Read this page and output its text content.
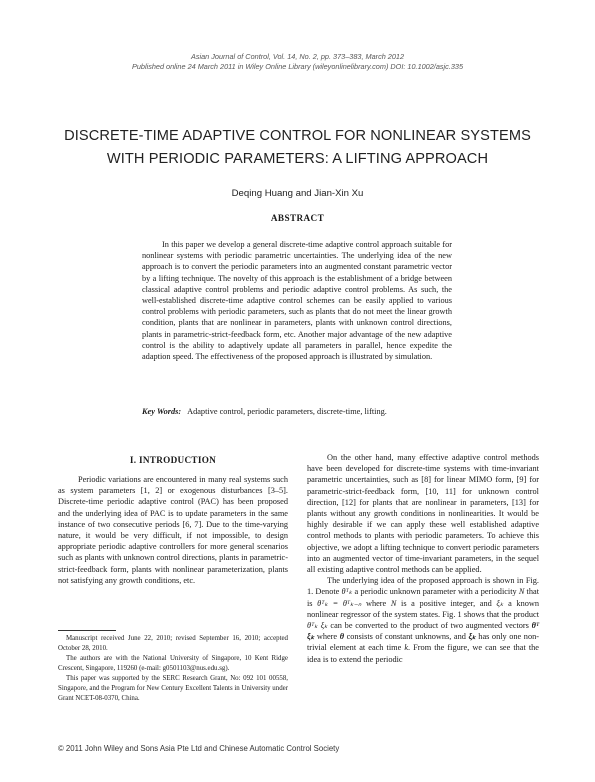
Asian Journal of Control, Vol. 14, No. 2, pp. 373–383, March 2012
Published online 24 March 2011 in Wiley Online Library (wileyonlinelibrary.com) DOI: 10.1002/asjc.335
DISCRETE-TIME ADAPTIVE CONTROL FOR NONLINEAR SYSTEMS
WITH PERIODIC PARAMETERS: A LIFTING APPROACH
Deqing Huang and Jian-Xin Xu
ABSTRACT
In this paper we develop a general discrete-time adaptive control approach suitable for nonlinear systems with periodic parametric uncertainties. The underlying idea of the new approach is to convert the periodic parameters into an augmented constant parametric vector by a lifting technique. The novelty of this approach is the establishment of a bridge between classical adaptive control problems and periodic adaptive control problems. As such, the well-established discrete-time adaptive control schemes can be easily applied to various control problems with periodic parameters, such as plants that do not meet the linear growth condition, plants that are nonlinear in parameters, plants with unknown control directions, plants in parametric-strict-feedback form, etc. Another major advantage of the new adaptive control is the ability to adaptively update all parameters in parallel, hence expedite the adaption speed. The effectiveness of the proposed approach is illustrated by simulation.
Key Words: Adaptive control, periodic parameters, discrete-time, lifting.
I. INTRODUCTION

Periodic variations are encountered in many real systems such as system parameters [1, 2] or exogenous disturbances [3–5]. Discrete-time periodic adaptive control (PAC) has been proposed and the underlying idea of PAC is to update parameters in the same instance of two consecutive periods [6, 7]. Due to the time-varying nature, it would be very difficult, if not impossible, to design appropriate periodic adaptive controllers for more general scenarios such as plants with unknown control directions, plants in parametric-strict-feedback form, plants with nonlinear parameterization, plants not satisfying any growth conditions, etc.

On the other hand, many effective adaptive control methods have been developed for discrete-time systems with time-invariant parametric uncertainties, such as [8] for linear MIMO form, [9] for parametric-strict-feedback form, [10, 11] for unknown control direction, [12] for plants that are nonlinear in parameters, [13] for plants without any growth conditions in nonlinearities. It would be highly desirable if we can apply these well established adaptive control methods to plants with periodic parameters. To achieve this objective, we adopt a lifting technique to convert periodic parameters into an augmented vector of time-invariant parameters, in the sequel all existing adaptive control methods can be applied.

The underlying idea of the proposed approach is shown in Fig. 1. Denote θᵀₖ a periodic unknown parameter with a periodicity N that is θᵀₖ = θᵀₖ₋ₙ where N is a positive integer, and ξₖ a known nonlinear regressor of the system states. Fig. 1 shows that the product θᵀₖ ξₖ can be converted to the product of two augmented vectors θᵀ ξₖ where θ consists of constant unknowns, and ξₖ has only one non-trivial element at each time k. From the figure, we can see that the idea is to extend the periodic

Manuscript received June 22, 2010; revised September 16, 2010; accepted October 28, 2010.

The authors are with the National University of Singapore, 10 Kent Ridge Crescent, Singapore, 119260 (e-mail: g0501103@nus.edu.sg).

This paper was supported by the SERC Research Grant, No: 092 101 00558, Singapore, and the Program for New Century Excellent Talents in University under Grant NCET-08-0370, China.

© 2011 John Wiley and Sons Asia Pte Ltd and Chinese Automatic Control Society
